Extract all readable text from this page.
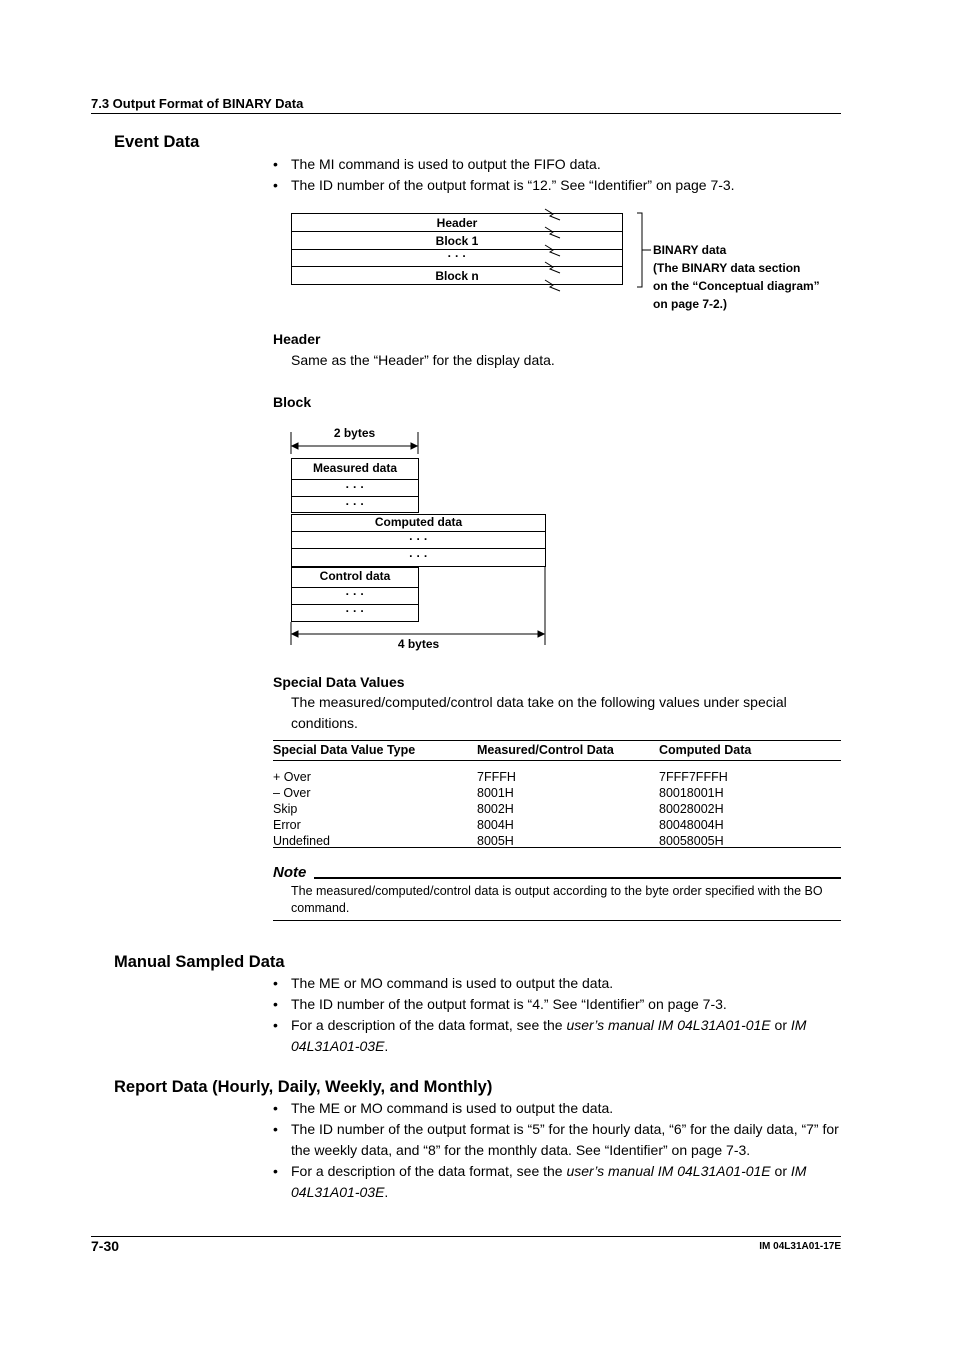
7.3 Output Format of BINARY Data
Event Data
• The MI command is used to output the FIFO data.
• The ID number of the output format is “12.” See “Identifier” on page 7-3.
Header
Block 1
· · ·
Block n
BINARY data
(The BINARY data section
on the “Conceptual diagram”
on page 7-2.)
Header
Same as the “Header” for the display data.
Block
2 bytes
Measured data
· · ·
· · ·
Computed data
· · ·
· · ·
Control data
· · ·
· · ·
4 bytes
Special Data Values
The measured/computed/control data take on the following values under special conditions.
Special Data Value Type	Measured/Control Data	Computed Data

+ Over	7FFFH	7FFF7FFFH
– Over	8001H	80018001H
Skip	8002H	80028002H
Error	8004H	80048004H
Undefined	8005H	80058005H
Note
The measured/computed/control data is output according to the byte order specified with the BO command.
Manual Sampled Data
• The ME or MO command is used to output the data.
• The ID number of the output format is “4.” See “Identifier” on page 7-3.
• For a description of the data format, see the user’s manual IM 04L31A01-01E or IM 04L31A01-03E.
Report Data (Hourly, Daily, Weekly, and Monthly)
• The ME or MO command is used to output the data.
• The ID number of the output format is “5” for the hourly data, “6” for the daily data, “7” for the weekly data, and “8” for the monthly data. See “Identifier” on page 7-3.
• For a description of the data format, see the user’s manual IM 04L31A01-01E or IM 04L31A01-03E.
7-30	IM 04L31A01-17E
